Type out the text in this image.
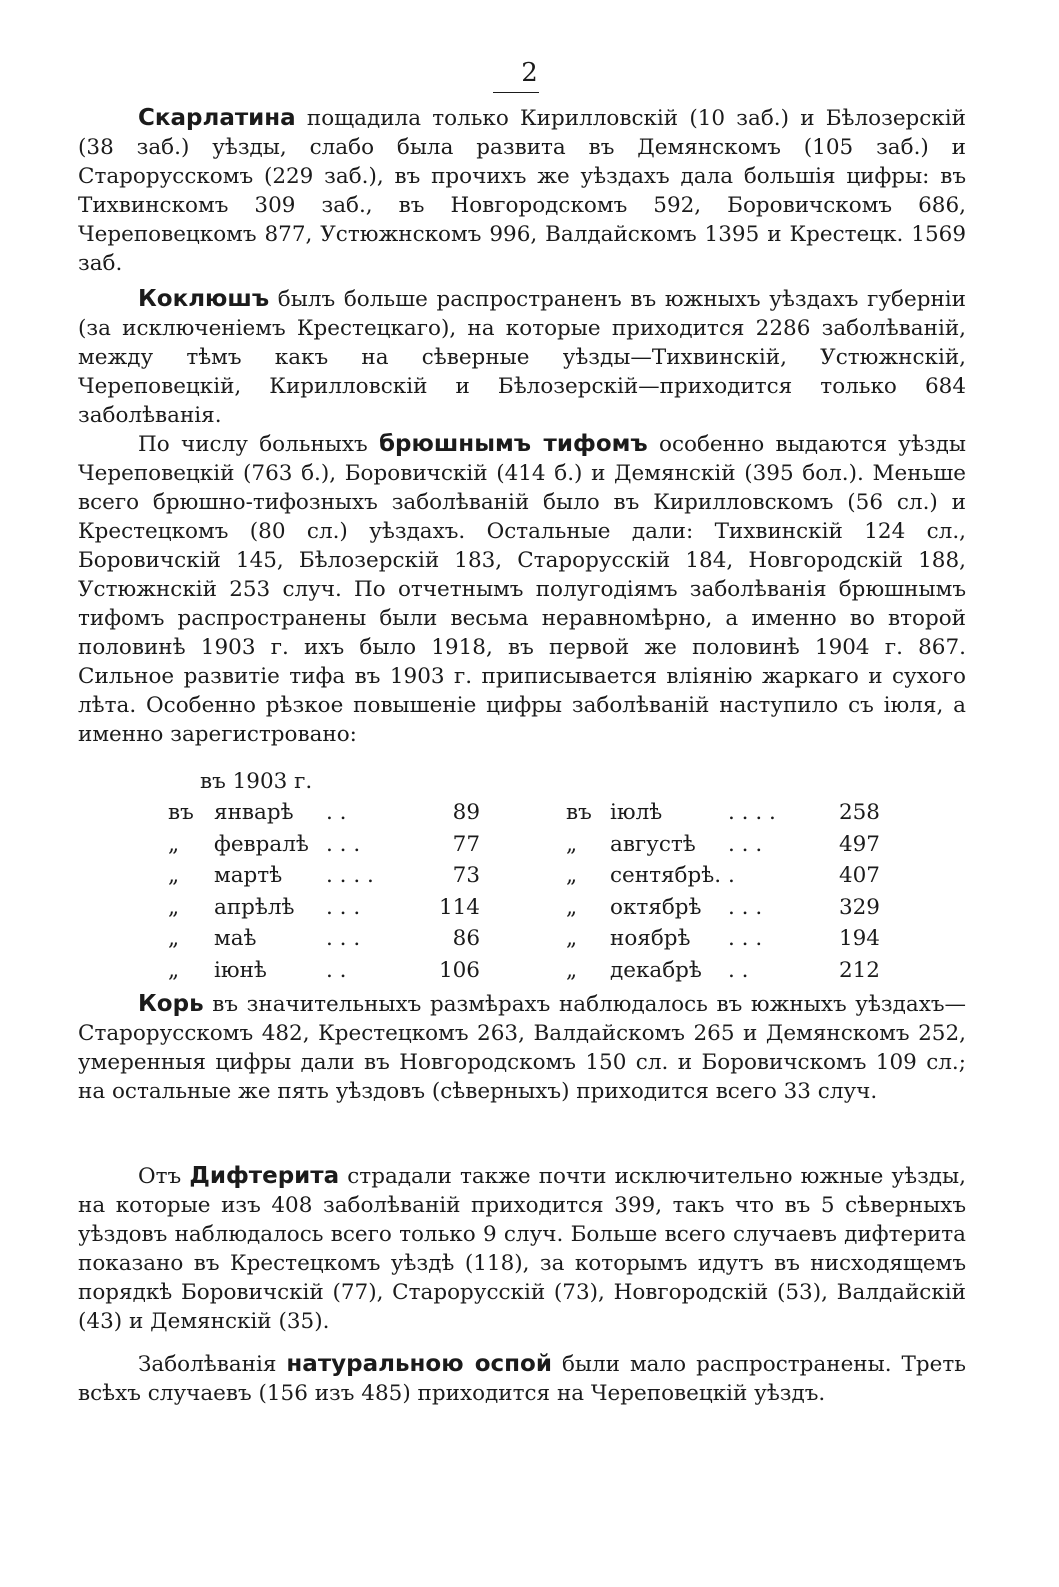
2

Скарлатина пощадила только Кирилловскій (10 заб.) и Бѣлозерскій (38 заб.) уѣзды, слабо была развита въ Демянскомъ (105 заб.) и Старорусскомъ (229 заб.), въ прочихъ же уѣздахъ дала большія цифры: въ Тихвинскомъ 309 заб., въ Новгородскомъ 592, Боровичскомъ 686, Череповецкомъ 877, Устюжнскомъ 996, Валдайскомъ 1395 и Крестецк. 1569 заб.

Коклюшъ былъ больше распространенъ въ южныхъ уѣздахъ губерніи (за исключеніемъ Крестецкаго), на которые приходится 2286 заболѣваній, между тѣмъ какъ на сѣверные уѣзды—Тихвинскій, Устюжнскій, Череповецкій, Кирилловскій и Бѣлозерскій—приходится только 684 заболѣванія.

По числу больныхъ брюшнымъ тифомъ особенно выдаются уѣзды Череповецкій (763 б.), Боровичскій (414 б.) и Демянскій (395 бол.). Меньше всего брюшно-тифозныхъ заболѣваній было въ Кирилловскомъ (56 сл.) и Крестецкомъ (80 сл.) уѣздахъ. Остальные дали: Тихвинскій 124 сл., Боровичскій 145, Бѣлозерскій 183, Старорусскій 184, Новгородскій 188, Устюжнскій 253 случ. По отчетнымъ полугодіямъ заболѣванія брюшнымъ тифомъ распространены были весьма неравномѣрно, а именно во второй половинѣ 1903 г. ихъ было 1918, въ первой же половинѣ 1904 г. 867. Сильное развитіе тифа въ 1903 г. приписывается вліянію жаркаго и сухого лѣта. Особенно рѣзкое повышеніе цифры заболѣваній наступило съ іюля, а именно зарегистровано:

въ 1903 г.
въ январѣ . .	89	въ іюлѣ	. . . .	258
„	февралѣ . . .	77	„	августѣ . . .	497
„	мартѣ . . . .	73	„	сентябрѣ. .	407
„	апрѣлѣ . . .	114	„	октябрѣ . . .	329
„	маѣ	. . .	86	„	ноябрѣ . . .	194
„	іюнѣ	. .	106	„	декабрѣ . .	212

Корь въ значительныхъ размѣрахъ наблюдалось въ южныхъ уѣздахъ—Старорусскомъ 482, Крестецкомъ 263, Валдайскомъ 265 и Демянскомъ 252, умеренныя цифры дали въ Новгородскомъ 150 сл. и Боровичскомъ 109 сл.; на остальные же пять уѣздовъ (сѣверныхъ) приходится всего 33 случ.

Отъ Дифтерита страдали также почти исключительно южные уѣзды, на которые изъ 408 заболѣваній приходится 399, такъ что въ 5 сѣверныхъ уѣздовъ наблюдалось всего только 9 случ. Больше всего случаевъ дифтерита показано въ Крестецкомъ уѣздѣ (118), за которымъ идутъ въ нисходящемъ порядкѣ Боровичскій (77), Старорусскій (73), Новгородскій (53), Валдайскій (43) и Демянскій (35).

Заболѣванія натуральною оспой были мало распространены. Треть всѣхъ случаевъ (156 изъ 485) приходится на Череповецкій уѣздъ.
